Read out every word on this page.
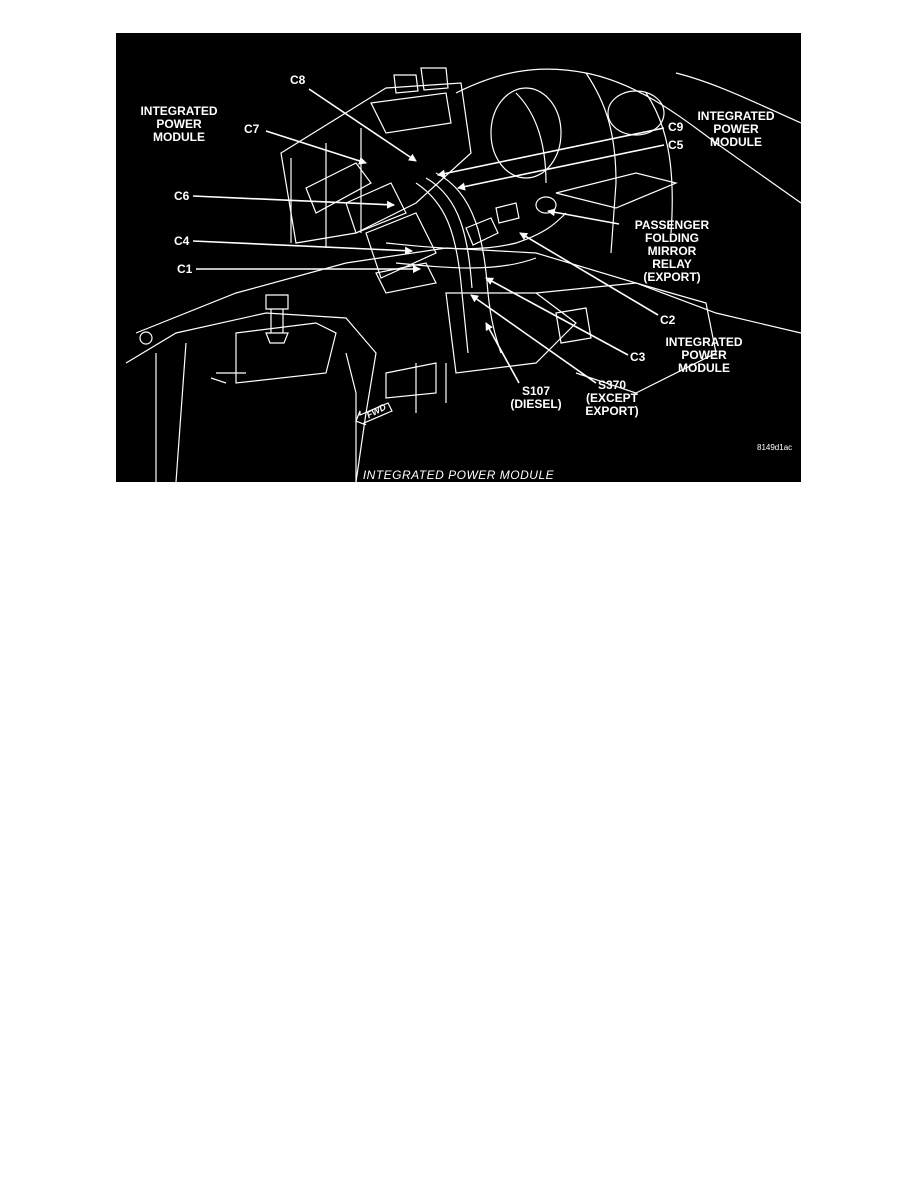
INTEGRATED
POWER
MODULE
C8
C7
INTEGRATED
POWER
MODULE
C9
C5
C6
C4
C1
PASSENGER
FOLDING
MIRROR
RELAY
(EXPORT)
C2
C3
INTEGRATED
POWER
MODULE
S107
(DIESEL)
S370
(EXCEPT
EXPORT)
FWD
8149d1ac
INTEGRATED POWER MODULE
